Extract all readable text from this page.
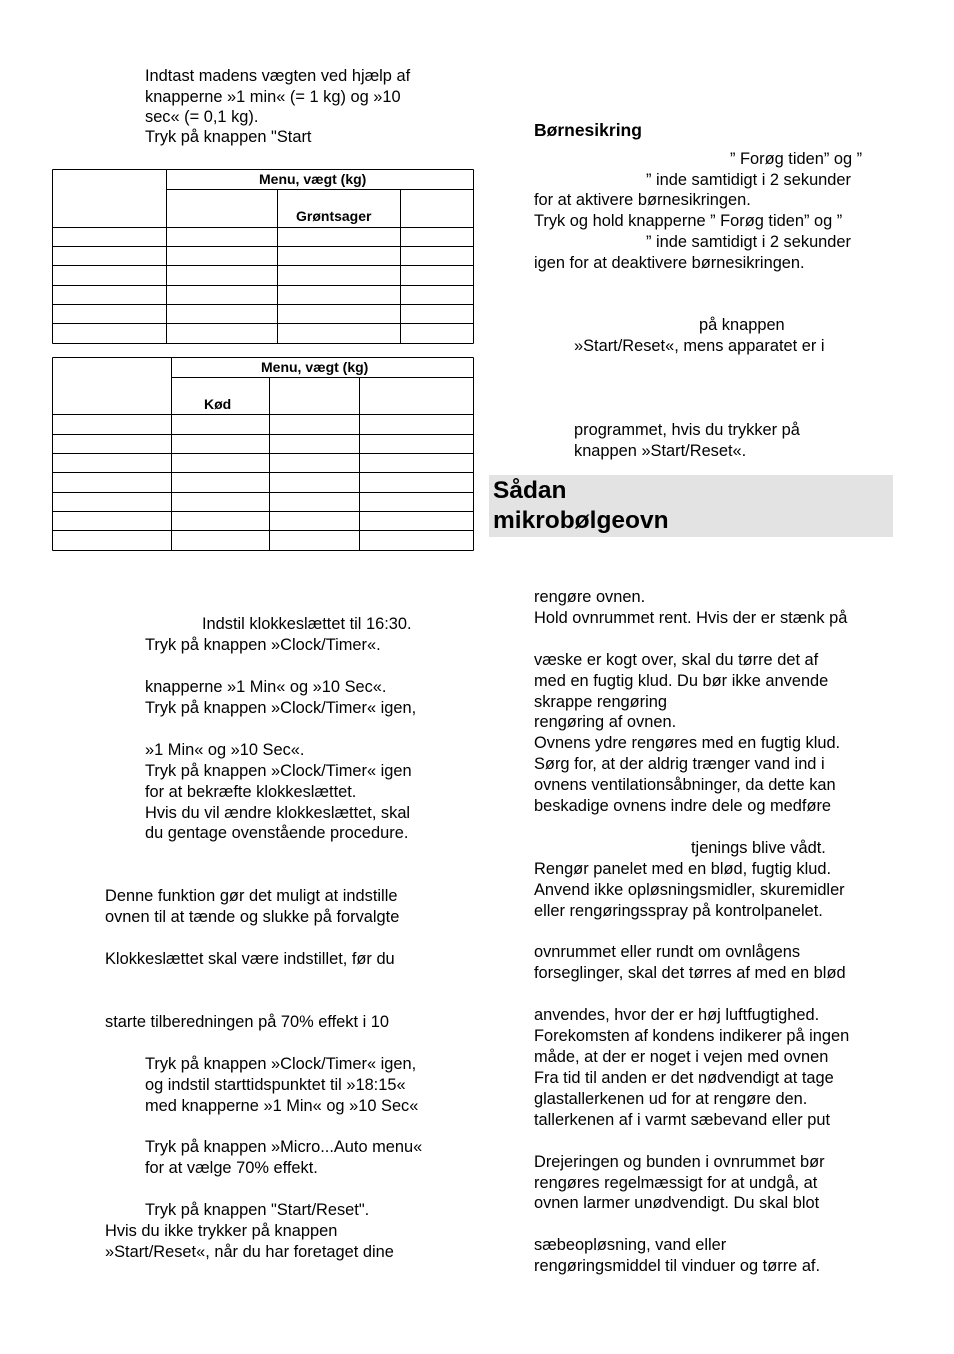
Indtast madens vægten ved hjælp af
knapperne »1 min« (= 1 kg) og »10
sec« (= 0,1 kg).
Tryk på knappen "Start
Menu, vægt (kg)
Grøntsager
Menu, vægt (kg)
Kød
Indstil klokkeslættet til 16:30.
Tryk på knappen »Clock/Timer«.
knapperne »1 Min« og »10 Sec«.
Tryk på knappen »Clock/Timer« igen,
»1 Min« og »10 Sec«.
Tryk på knappen »Clock/Timer« igen
for at bekræfte klokkeslættet.
Hvis du vil ændre klokkeslættet, skal
du gentage ovenstående procedure.
Denne funktion gør det muligt at indstille
ovnen til at tænde og slukke på forvalgte
Klokkeslættet skal være indstillet, før du
starte tilberedningen på 70% effekt i 10
Tryk på knappen »Clock/Timer« igen,
og indstil starttidspunktet til »18:15«
med knapperne »1 Min« og »10 Sec«
Tryk på knappen »Micro...Auto menu«
for at vælge 70% effekt.
Tryk på knappen "Start/Reset".
Hvis du ikke trykker på knappen
»Start/Reset«, når du har foretaget dine
Børnesikring
” Forøg tiden” og ”
” inde samtidigt i 2 sekunder
for at aktivere børnesikringen.
Tryk og hold knapperne ” Forøg tiden” og ”
” inde samtidigt i 2 sekunder
igen for at deaktivere børnesikringen.
på knappen
»Start/Reset«, mens apparatet er i
programmet, hvis du trykker på
knappen »Start/Reset«.
Sådan
mikrobølgeovn
rengøre ovnen.
Hold ovnrummet rent. Hvis der er stænk på
væske er kogt over, skal du tørre det af
med en fugtig klud. Du bør ikke anvende
skrappe rengøring
rengøring af ovnen.
Ovnens ydre rengøres med en fugtig klud.
Sørg for, at der aldrig trænger vand ind i
ovnens ventilationsåbninger, da dette kan
beskadige ovnens indre dele og medføre
tjenings blive vådt.
Rengør panelet med en blød, fugtig klud.
Anvend ikke opløsningsmidler, skuremidler
eller rengøringsspray på kontrolpanelet.
ovnrummet eller rundt om ovnlågens
forseglinger, skal det tørres af med en blød
anvendes, hvor der er høj luftfugtighed.
Forekomsten af kondens indikerer på ingen
måde, at der er noget i vejen med ovnen
Fra tid til anden er det nødvendigt at tage
glastallerkenen ud for at rengøre den.
tallerkenen af i varmt sæbevand eller put
Drejeringen og bunden i ovnrummet bør
rengøres regelmæssigt for at undgå, at
ovnen larmer unødvendigt. Du skal blot
sæbeopløsning, vand eller
rengøringsmiddel til vinduer og tørre af.
